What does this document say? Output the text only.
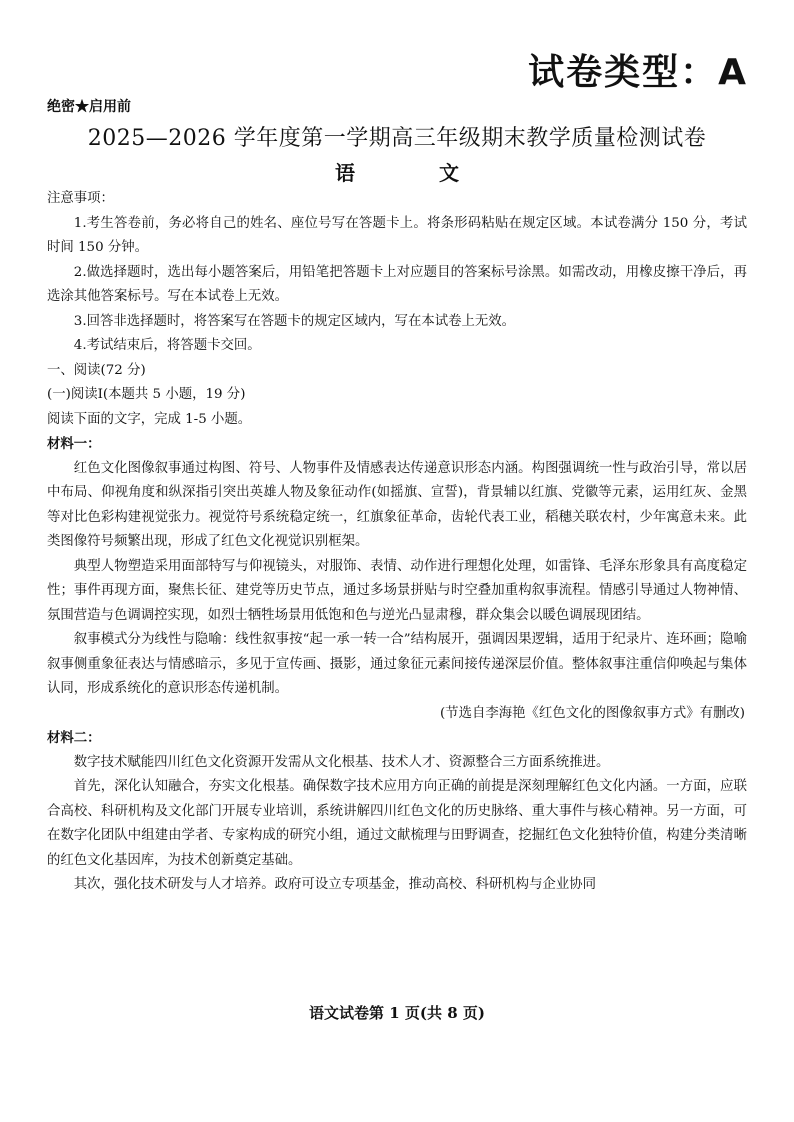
试卷类型：A
绝密★启用前
2025—2026 学年度第一学期高三年级期末教学质量检测试卷
语	文

注意事项：

1.考生答卷前，务必将自己的姓名、座位号写在答题卡上。将条形码粘贴在规定区域。本试卷满分 150 分，考试时间 150 分钟。

2.做选择题时，选出每小题答案后，用铅笔把答题卡上对应题目的答案标号涂黑。如需改动，用橡皮擦干净后，再选涂其他答案标号。写在本试卷上无效。

3.回答非选择题时，将答案写在答题卡的规定区域内，写在本试卷上无效。

4.考试结束后，将答题卡交回。

一、阅读(72 分)

(一)阅读Ⅰ(本题共 5 小题，19 分)

阅读下面的文字，完成 1-5 小题。

材料一：

红色文化图像叙事通过构图、符号、人物事件及情感表达传递意识形态内涵。构图强调统一性与政治引导，常以居中布局、仰视角度和纵深指引突出英雄人物及象征动作(如摇旗、宣誓)，背景辅以红旗、党徽等元素，运用红灰、金黑等对比色彩构建视觉张力。视觉符号系统稳定统一，红旗象征革命，齿轮代表工业，稻穗关联农村，少年寓意未来。此类图像符号频繁出现，形成了红色文化视觉识别框架。

典型人物塑造采用面部特写与仰视镜头，对服饰、表情、动作进行理想化处理，如雷锋、毛泽东形象具有高度稳定性；事件再现方面，聚焦长征、建党等历史节点，通过多场景拼贴与时空叠加重构叙事流程。情感引导通过人物神情、氛围营造与色调调控实现，如烈士牺牲场景用低饱和色与逆光凸显肃穆，群众集会以暖色调展现团结。

叙事模式分为线性与隐喻：线性叙事按“起一承一转一合”结构展开，强调因果逻辑，适用于纪录片、连环画；隐喻叙事侧重象征表达与情感暗示，多见于宣传画、摄影，通过象征元素间接传递深层价值。整体叙事注重信仰唤起与集体认同，形成系统化的意识形态传递机制。

(节选自李海艳《红色文化的图像叙事方式》有删改)

材料二：

数字技术赋能四川红色文化资源开发需从文化根基、技术人才、资源整合三方面系统推进。

首先，深化认知融合，夯实文化根基。确保数字技术应用方向正确的前提是深刻理解红色文化内涵。一方面，应联合高校、科研机构及文化部门开展专业培训，系统讲解四川红色文化的历史脉络、重大事件与核心精神。另一方面，可在数字化团队中组建由学者、专家构成的研究小组，通过文献梳理与田野调查，挖掘红色文化独特价值，构建分类清晰的红色文化基因库，为技术创新奠定基础。

其次，强化技术研发与人才培养。政府可设立专项基金，推动高校、科研机构与企业协同

语文试卷第 1 页(共 8 页)
